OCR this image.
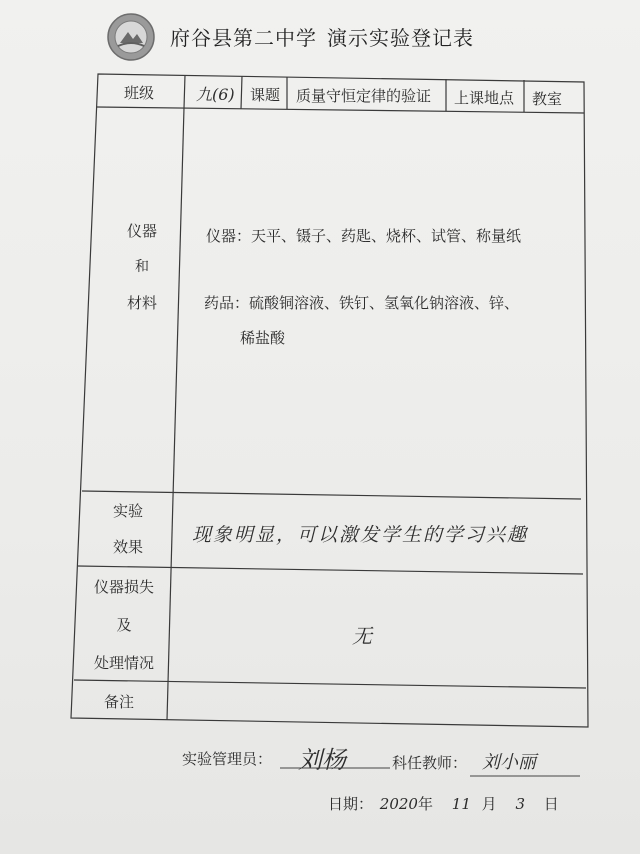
府谷县第二中学 演示实验登记表
班级	九(6) 课题 质量守恒定律的验证 上课地点 教室
仪器
和
材料
仪器：天平、镊子、药匙、烧杯、试管、称量纸
药品：硫酸铜溶液、铁钉、氢氧化钠溶液、锌、
稀盐酸
实验
效果
现象明显，可以激发学生的学习兴趣
仪器损失
及
处理情况
无
备注
实验管理员： 刘杨	科任教师： 刘小丽
日期： 2020年 11 月 3 日
